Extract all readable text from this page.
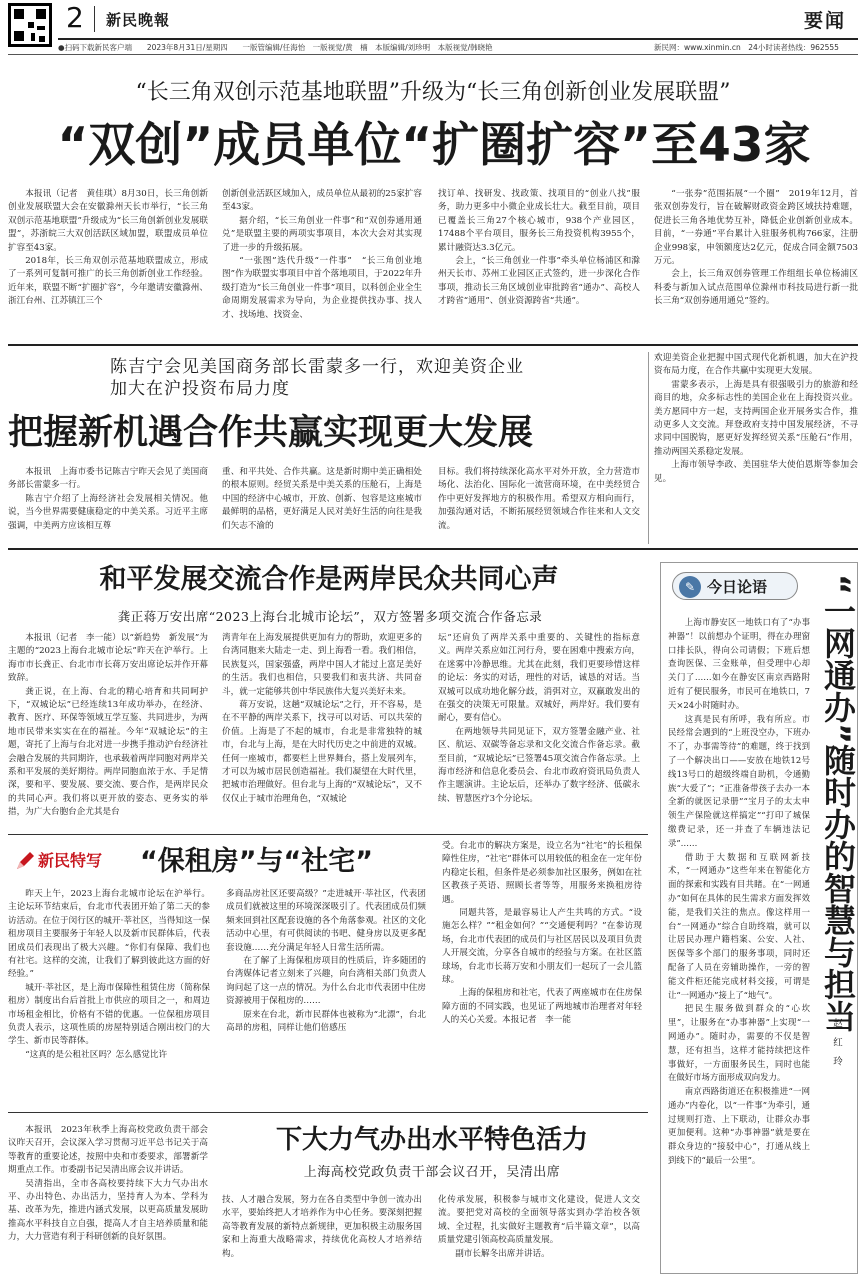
2 新民晚報	要闻
●扫码下载新民客户端 2023年8月31日/星期四 一版管编辑/任海怡　一版视觉/黄　楠　本版编辑/刘珍明　本版视觉/韩晓艳	新民网：www.xinmin.cn　24小时读者热线：962555
“长三角双创示范基地联盟”升级为“长三角创新创业发展联盟”
“双创”成员单位“扩圈扩容”至43家

本报讯（记者　黄佳琪）8月30日，长三角创新创业发展联盟大会在安徽滁州天长市举行，“长三角双创示范基地联盟”升级成为“长三角创新创业发展联盟”，苏浙皖三大双创活跃区域加盟，联盟成员单位扩容至43家。

2018年，长三角双创示范基地联盟成立，形成了一系列可复制可推广的长三角创新创业工作经验。近年来，联盟不断“扩圈扩容”，今年邀请安徽滁州、浙江台州、江苏镇江三个

创新创业活跃区域加入，成员单位从最初的25家扩容至43家。

据介绍，“长三角创业一件事”和“双创券通用通兑”是联盟主要的两项实事项目，本次大会对其实现了进一步的升级拓展。

“一张图”迭代升级“一件事”　“长三角创业地图”作为联盟实事项目中首个落地项目，于2022年升级打造为“长三角创业一件事”项目，以科创企业全生命周期发展需求为导向，为企业提供找办事、找人才、找场地、找资金、

找订单、找研发、找政策、找项目的“创业八找”服务，助力更多中小微企业成长壮大。截至目前，项目已覆盖长三角27个核心城市，938个产业园区，17488个平台项目，服务长三角投资机构3955个，累计融资达3.3亿元。

会上，“长三角创业一件事”牵头单位杨浦区和滁州天长市、苏州工业园区正式签约，进一步深化合作事项，推动长三角区域创业审批跨省“通办”、高校人才跨省“通用”、创业资源跨省“共通”。

“一张券”范围拓展“一个圈”　2019年12月，首张双创券发行，旨在破解财政资金跨区域扶持难题，促进长三角各地优势互补，降低企业创新创业成本。目前，“一券通”平台累计入驻服务机构766家，注册企业998家，申领额度达2亿元，促成合同金额7503万元。

会上，长三角双创券管理工作组组长单位杨浦区科委与新加入试点范围单位滁州市科技局进行新一批长三角“双创券通用通兑”签约。

陈吉宁会见美国商务部长雷蒙多一行，欢迎美资企业加大在沪投资布局力度
把握新机遇合作共赢实现更大发展

本报讯　上海市委书记陈吉宁昨天会见了美国商务部长雷蒙多一行。

陈吉宁介绍了上海经济社会发展相关情况。他说，当今世界需要健康稳定的中美关系。习近平主席强调，中美两方应该相互尊

重、和平共处、合作共赢。这是新时期中美正确相处的根本原则。经贸关系是中美关系的压舱石，上海是中国的经济中心城市，开放、创新、包容是这座城市最鲜明的品格，更好满足人民对美好生活的向往是我们矢志不渝的

目标。我们将持续深化高水平对外开放，全力营造市场化、法治化、国际化一流营商环境，在中美经贸合作中更好发挥地方的积极作用。希望双方相向而行，加强沟通对话，不断拓展经贸领域合作往来和人文交流。

欢迎美资企业把握中国式现代化新机遇，加大在沪投资布局力度，在合作共赢中实现更大发展。

雷蒙多表示，上海是具有很强吸引力的旅游和经商目的地，众多标志性的美国企业在上海投资兴业。美方愿同中方一起，支持两国企业开展务实合作，推动更多人文交流。拜登政府支持中国发展经济，不寻求同中国脱钩，愿更好发挥经贸关系“压舱石”作用，推动两国关系稳定发展。

上海市领导李政、美国驻华大使伯恩斯等参加会见。

和平发展交流合作是两岸民众共同心声
龚正蒋万安出席“2023上海台北城市论坛”，双方签署多项交流合作备忘录

本报讯（记者　李一能）以“新趋势　新发展”为主题的“2023上海台北城市论坛”昨天在沪举行。上海市市长龚正、台北市市长蒋万安出席论坛并作开幕致辞。

龚正说，在上海、台北的精心培育和共同呵护下，“双城论坛”已经连续13年成功举办，在经济、教育、医疗、环保等领域互学互鉴、共同进步，为两地市民带来实实在在的福祉。今年“双城论坛”的主题，寄托了上海与台北对进一步携手推动沪台经济社会融合发展的共同期许，也承载着两岸同胞对两岸关系和平发展的美好期待。两岸同胞血浓于水、手足情深，要和平、要发展、要交流、要合作，是两岸民众的共同心声。我们将以更开放的姿态、更务实的举措，为广大台胞台企尤其是台

湾青年在上海发展提供更加有力的帮助，欢迎更多的台湾同胞来大陆走一走、到上海看一看。我们相信，民族复兴，国家强盛，两岸中国人才能过上富足美好的生活。我们也相信，只要我们和衷共济、共同奋斗，就一定能够共创中华民族伟大复兴美好未来。

蒋万安说，这趟“双城论坛”之行，开不容易，是在不平静的两岸关系下，找寻可以对话、可以共荣的价值。上海是了不起的城市，台北是非常独特的城市，台北与上海，是在大时代历史之中前进的双城。任何一座城市，都要栏上世界舞台，搭上发展列车，才可以为城市居民创造福祉。我们凝望在大时代里，把城市治理做好。但台北与上海的“双城论坛”，又不仅仅止于城市治理角色，“双城论

坛”还肩负了两岸关系中重要的、关键性的指标意义。两岸关系应如江河行舟，要在困难中搜索方向，在迷雾中冷静思维。尤其在此刻，我们更要珍惜这样的论坛：务实的对话，理性的对话，诚恳的对话。当双城可以成功地化解分歧，消弭对立，双赢敢发出的在强交的决策无可限量。双城好，两岸好。我们要有耐心，要有信心。

在两地领导共同见证下，双方签署金融产业、社区、航运、双碳等备忘录和文化交流合作备忘录。截至目前，“双城论坛”已签署45项交流合作备忘录。上海市经济和信息化委员会、台北市政府资讯局负责人作主题演讲。主论坛后，还举办了数字经济、低碳永续、智慧医疗3个分论坛。

新民特写 “保租房”与“社宅”

昨天上午，2023上海台北城市论坛在沪举行。主论坛环节结束后，台北市代表团开始了第二天的参访活动。在位于闵行区的城开·莘社区，当得知这一保租房项目主要服务于年轻人以及新市民群体后，代表团成员们表现出了极大兴趣。“你们有保障、我们也有社宅。这样的交流，让我们了解到彼此这方面的好经验。”

城开·莘社区，是上海市保障性租赁住房（简称保租房）制度出台后首批上市供应的项目之一，和周边市场租金相比，价格有不错的优惠。一位保租房项目负责人表示，这项性质的房屋特别适合刚出校门的大学生、新市民等群体。

“这真的是公租社区吗？怎么感觉比许

多商品房社区还要高级？”走进城开·莘社区，代表团成员们就被这里的环境深深吸引了。代表团成员们频频来回到社区配套设施的各个角落参观。社区的文化活动中心里，有可供阅读的书吧、健身房以及更多配套设施……充分满足年轻人日常生活所需。

在了解了上海保租房项目的性质后，许多随团的台湾媒体记者立刻来了兴趣，向台湾相关部门负责人询问起了这一点的情况。为什么台北市代表团中住房资源被用于保租房的……

原来在台北，新市民群体也被称为“北漂”，台北高昂的房租，同样让他们倍感压

受。台北市的解决方案是，设立名为“社宅”的长租保障性住房，“社宅”群体可以用较低的租金在一定年份内稳定长租，但条件是必须参加社区服务，例如在社区教孩子英语、照顾长者等等，用服务来换租房待遇。

同题共答，是最容易让人产生共鸣的方式。“设施怎么样？”“租金如何？”“交通便利吗？”在参访现场，台北市代表团的成员们与社区居民以及项目负责人开展交流，分享各自城市的经验与方案。在社区篮球场，台北市长蒋万安和小朋友们一起玩了一会儿篮球。

上海的保租房和社宅，代表了两座城市在住房保障方面的不同实践，也见证了两地城市治理者对年轻人的关心关爱。本报记者　李一能

✎ 今日论语

上海市静安区一地铁口有了“办事神器”！以前想办个证明，得在办理窗口排长队，得向公司请假；下班后想查询医保、三金账单，但受理中心却关门了……如今在静安区南京西路附近有了便民服务，市民可在地铁口，7天×24小时随时办。

这真是民有所呼，我有所应。市民经常会遇到的“上班没空办，下班办不了，办事需等待”的难题，终于找到了一个解决出口——安放在地铁12号线13号口的超级终端自助机，令通勤族“大爱了”；“正准备带孩子去办一本全新的就医记录册”“宝月子的太太申领生产保险就这样搞定”“打印了城保缴费记录，还一并查了车辆违法记录”……

借助于大数据和互联网新技术，“一网通办”这些年来在智能化方面的探索和实践有目共睹。在“一网通办”如何在具体的民生需求方面发挥效能，是我们关注的焦点。像这样用一台“一网通办”综合自助终端，就可以让居民办理户籍档案、公安、人社、医保等多个部门的服务事项，同时还配备了人员在旁辅助操作，一旁的智能文件柜还能完成材料交接，可谓是让“一网通办”接上了“地气”。

把民生服务做到群众的“心坎里”，让服务在“办事神器”上实现“一网通办”。随时办，需要的不仅是智慧，还有担当，这样才能持续把这件事做好，一方面服务民生，同时也能在做好市场方面形成双向发力。

南京西路街道还在积极推进“一网通办”内卷化，以“一件事”为牵引，通过规则打造、上下联动，让群众办事更加便利。这种“办事神器”就是要在群众身边的“接驳中心”，打通从线上到线下的“最后一公里”。

“一网通办”随时办的智慧与担当
赵　红　玲

本报讯　2023年秋季上海高校党政负责干部会议昨天召开，会议深入学习贯彻习近平总书记关于高等教育的重要论述，按照中央和市委要求，部署新学期重点工作。市委副书记吴清出席会议并讲话。

吴清指出，全市各高校要持续下大力气办出水平、办出特色、办出活力，坚持育人为本、学科为基、改革为先，推进内涵式发展，以更高质量发展助推高水平科技自立自强，提高人才自主培养质量和能力，大力营造有利于科研创新的良好氛围。

下大力气办出水平特色活力
上海高校党政负责干部会议召开，吴清出席

技、人才融合发展，努力在各自类型中争创一流办出水平，要始终把人才培养作为中心任务。要深刻把握高等教育发展的新特点新规律，更加积极主动服务国家和上海重大战略需求，持续优化高校人才培养结构。

化传承发展，积极参与城市文化建设，促进人文交流。要把党对高校的全面领导落实到办学治校各领域、全过程，扎实做好主题教育“后半篇文章”，以高质量党建引领高校高质量发展。

副市长解冬出席并讲话。
